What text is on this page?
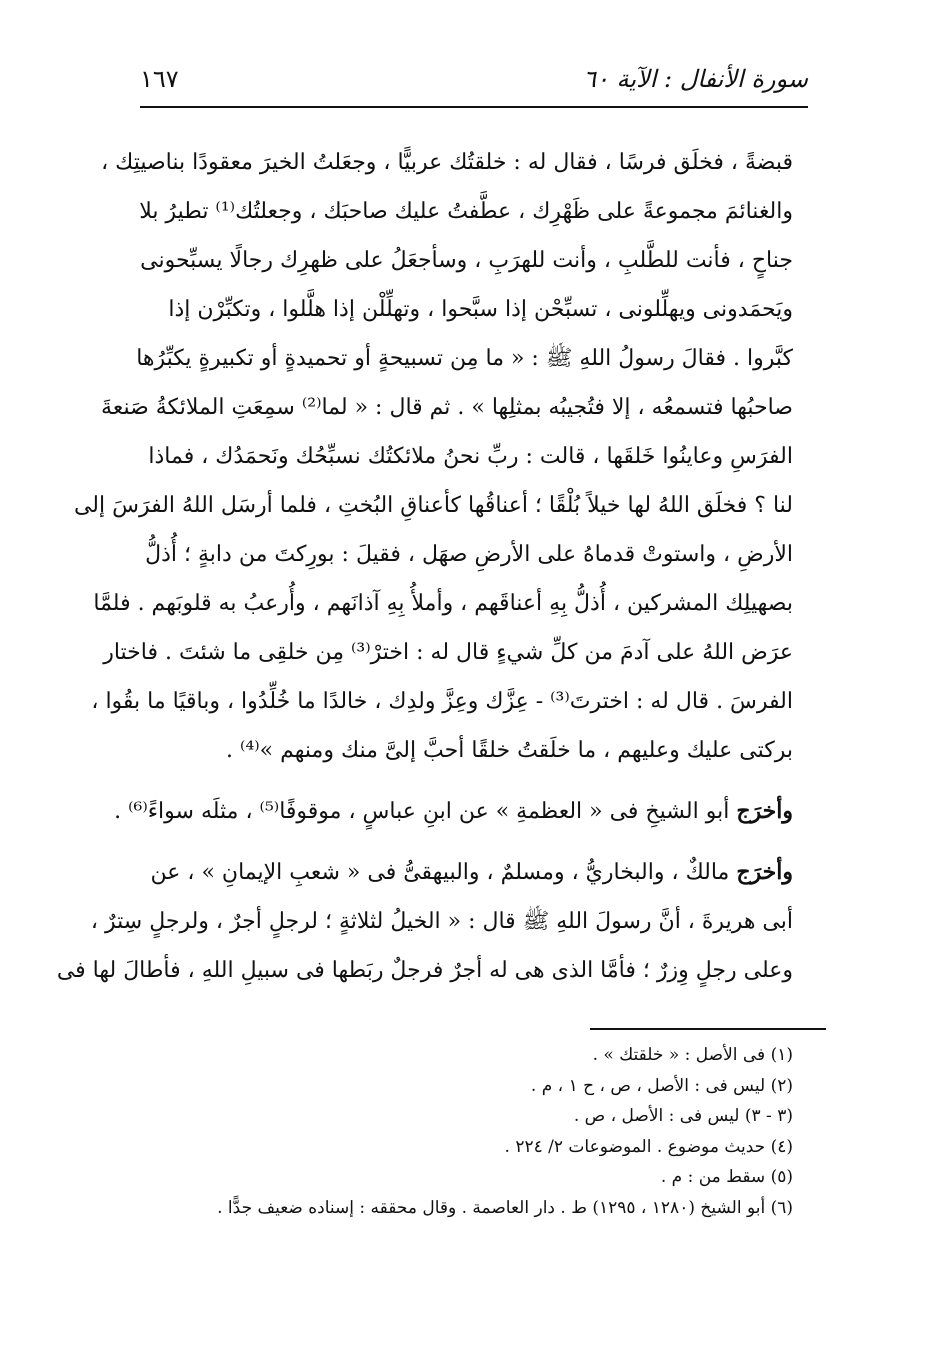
سورة الأنفال : الآية ٦٠
١٦٧
قبضةً ، فخلَق فرسًا ، فقال له : خلقتُك عربيًّا ، وجعَلتُ الخيرَ معقودًا بناصيتِك ،
والغنائمَ مجموعةً على ظَهْرِك ، عطَّفتُ عليك صاحبَك ، وجعلتُك⁽¹⁾ تطيرُ بلا
جناحٍ ، فأنت للطَّلبِ ، وأنت للهرَبِ ، وسأجعَلُ على ظهرِك رجالًا يسبِّحونى
ويَحمَدونى ويهلِّلونى ، تسبِّحْن إذا سبَّحوا ، وتهلِّلْن إذا هلَّلوا ، وتكبِّرْن إذا
كبَّروا . فقالَ رسولُ اللهِ ﷺ : « ما مِن تسبيحةٍ أو تحميدةٍ أو تكبيرةٍ يكبِّرُها
صاحبُها فتسمعُه ، إلا فتُجيبُه بمثلِها » . ثم قال : « لما⁽²⁾ سمِعَتِ الملائكةُ صَنعةَ
الفرَسِ وعاينُوا خَلقَها ، قالت : ربِّ نحنُ ملائكتُك نسبِّحُك ونَحمَدُك ، فماذا
لنا ؟ فخلَق اللهُ لها خيلاً بُلْقًا ؛ أعناقُها كأعناقِ البُختِ ، فلما أرسَل اللهُ الفرَسَ إلى
الأرضِ ، واستوتْ قدماهُ على الأرضِ صهَل ، فقيلَ : بورِكتَ من دابةٍ ؛ أُذلُّ
بصهيلِك المشركين ، أُذلُّ بِهِ أعناقَهم ، وأملأُ بِهِ آذانَهم ، وأُرعبُ به قلوبَهم . فلمَّا
عرَض اللهُ على آدمَ من كلِّ شيءٍ قال له : اخترْ⁽³⁾ مِن خلقِى ما شئتَ . فاختار
الفرسَ . قال له : اخترتَ⁽³⁾ - عِزَّك وعِزَّ ولدِك ، خالدًا ما خُلِّدُوا ، وباقيًا ما بقُوا ،
بركتى عليك وعليهم ، ما خلَقتُ خلقًا أحبَّ إلىَّ منك ومنهم »⁽⁴⁾ .
وأخرَج أبو الشيخِ فى « العظمةِ » عن ابنِ عباسٍ ، موقوفًا⁽⁵⁾ ، مثلَه سواءً⁽⁶⁾ .
وأخرَج مالكٌ ، والبخاريُّ ، ومسلمٌ ، والبيهقىُّ فى « شعبِ الإيمانِ » ، عن
أبى هريرةَ ، أنَّ رسولَ اللهِ ﷺ قال : « الخيلُ لثلاثةٍ ؛ لرجلٍ أجرٌ ، ولرجلٍ سِترٌ ،
وعلى رجلٍ وِزرٌ ؛ فأمَّا الذى هى له أجرٌ فرجلٌ ربَطها فى سبيلِ اللهِ ، فأطالَ لها فى
(١) فى الأصل : « خلقتك » .
(٢) ليس فى : الأصل ، ص ، ح ١ ، م .
(٣ - ٣) ليس فى : الأصل ، ص .
(٤) حديث موضوع . الموضوعات ٢/ ٢٢٤ .
(٥) سقط من : م .
(٦) أبو الشيخ (١٢٨٠ ، ١٢٩٥) ط . دار العاصمة . وقال محققه : إسناده ضعيف جدًّا .
